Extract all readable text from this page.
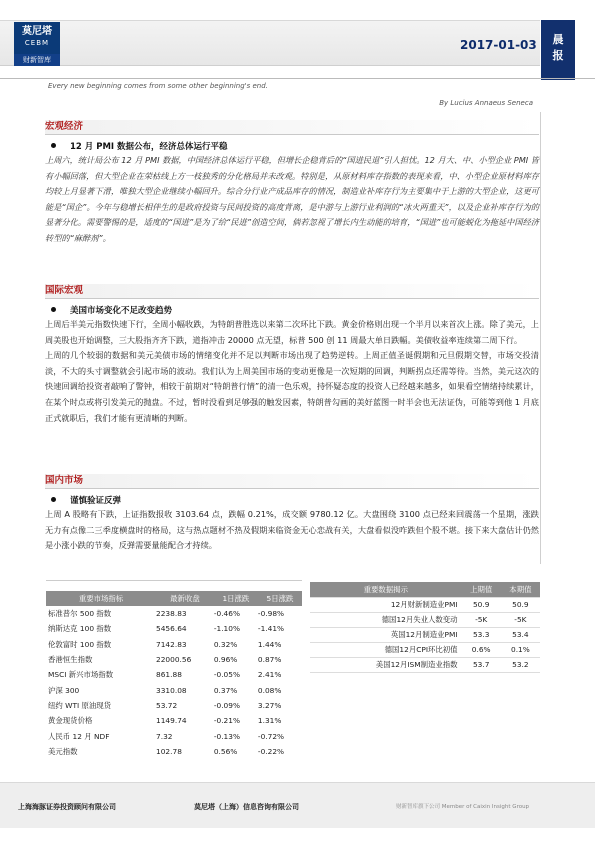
莫尼塔
CEBM
财新智库
2017-01-03	晨
报
Every new beginning comes from some other beginning's end.
By Lucius Annaeus Seneca
宏观经济
12 月 PMI 数据公布，经济总体运行平稳

上周六，统计局公布 12 月 PMI 数据，中国经济总体运行平稳，但增长企稳背后的“国进民退”引人担忧。12 月大、中、小型企业 PMI 皆有小幅回落，但大型企业在荣枯线上方一枝独秀的分化格局并未改观。特别是，从原材料库存指数的表现来看，中、小型企业原材料库存均较上月显著下滑，唯独大型企业继续小幅回升。综合分行业产成品库存的情况，制造业补库存行为主要集中于上游的大型企业，这更可能是“国企”。今年与稳增长相伴生的是政府投资与民间投资的高度背离，是中游与上游行业利润的“冰火两重天”，以及企业补库存行为的显著分化。需要警惕的是，适度的“国进”是为了给“民进”创造空间，倘若忽视了增长内生动能的培育，“国进”也可能蜕化为拖延中国经济转型的“麻醉剂”。

国际宏观
美国市场变化不足改变趋势

上周后半美元指数快速下行，全周小幅收跌，为特朗普胜选以来第二次环比下跌。黄金价格则出现一个半月以来首次上涨。除了美元，上周美股也开始调整，三大股指齐齐下跌，道指冲击 20000 点无望，标普 500 创 11 周最大单日跌幅。美债收益率连续第二周下行。

上周的几个较弱的数据和美元美债市场的情绪变化并不足以判断市场出现了趋势逆转。上周正值圣诞假期和元旦假期交替，市场交投清淡，不大的头寸调整就会引起市场的波动。我们认为上周美国市场的变动更像是一次短期的回调，判断拐点还需等待。当然，美元这次的快速回调给投资者敲响了警钟，相较于前期对“特朗普行情”的清一色乐观，持怀疑态度的投资人已经越来越多，如果看空情绪持续累计，在某个时点或将引发美元的抛盘。不过，暂时没看到足够强的触发因素，特朗普勾画的美好蓝图一时半会也无法证伪，可能等到他 1 月底正式就职后，我们才能有更清晰的判断。

国内市场
谨慎验证反弹

上周 A 股略有下跌，上证指数报收 3103.64 点，跌幅 0.21%，成交额 9780.12 亿。大盘围绕 3100 点已经来回震荡一个星期，涨跌无力有点像二三季度横盘时的格局，这与热点题材不热及假期来临资金无心恋战有关，大盘看似没咋跌但个股不堪。接下来大盘估计仍然是小涨小跌的节奏，反弹需要量能配合才持续。

重要市场指标	最新收盘	1日涨跌	5日涨跌
标准普尔 500 指数	2238.83	-0.46%	-0.98%
纳斯达克 100 指数	5456.64	-1.10%	-1.41%
伦敦富时 100 指数	7142.83	0.32%	1.44%
香港恒生指数	22000.56	0.96%	0.87%
MSCI 新兴市场指数	861.88	-0.05%	2.41%
沪深 300	3310.08	0.37%	0.08%
纽约 WTI 原油现货	53.72	-0.09%	3.27%
黄金现货价格	1149.74	-0.21%	1.31%
人民币 12 月 NDF	7.32	-0.13%	-0.72%
美元指数	102.78	0.56%	-0.22%
重要数据揭示	上期值	本期值
12月财新制造业PMI	50.9	50.9
德国12月失业人数变动	-5K	-5K
英国12月制造业PMI	53.3	53.4
德国12月CPI环比初值	0.6%	0.1%
美国12月ISM制造业指数	53.7	53.2
上海海豚证券投资顾问有限公司	莫尼塔（上海）信息咨询有限公司	财新智库旗下公司 Member of Caixin Insight Group
